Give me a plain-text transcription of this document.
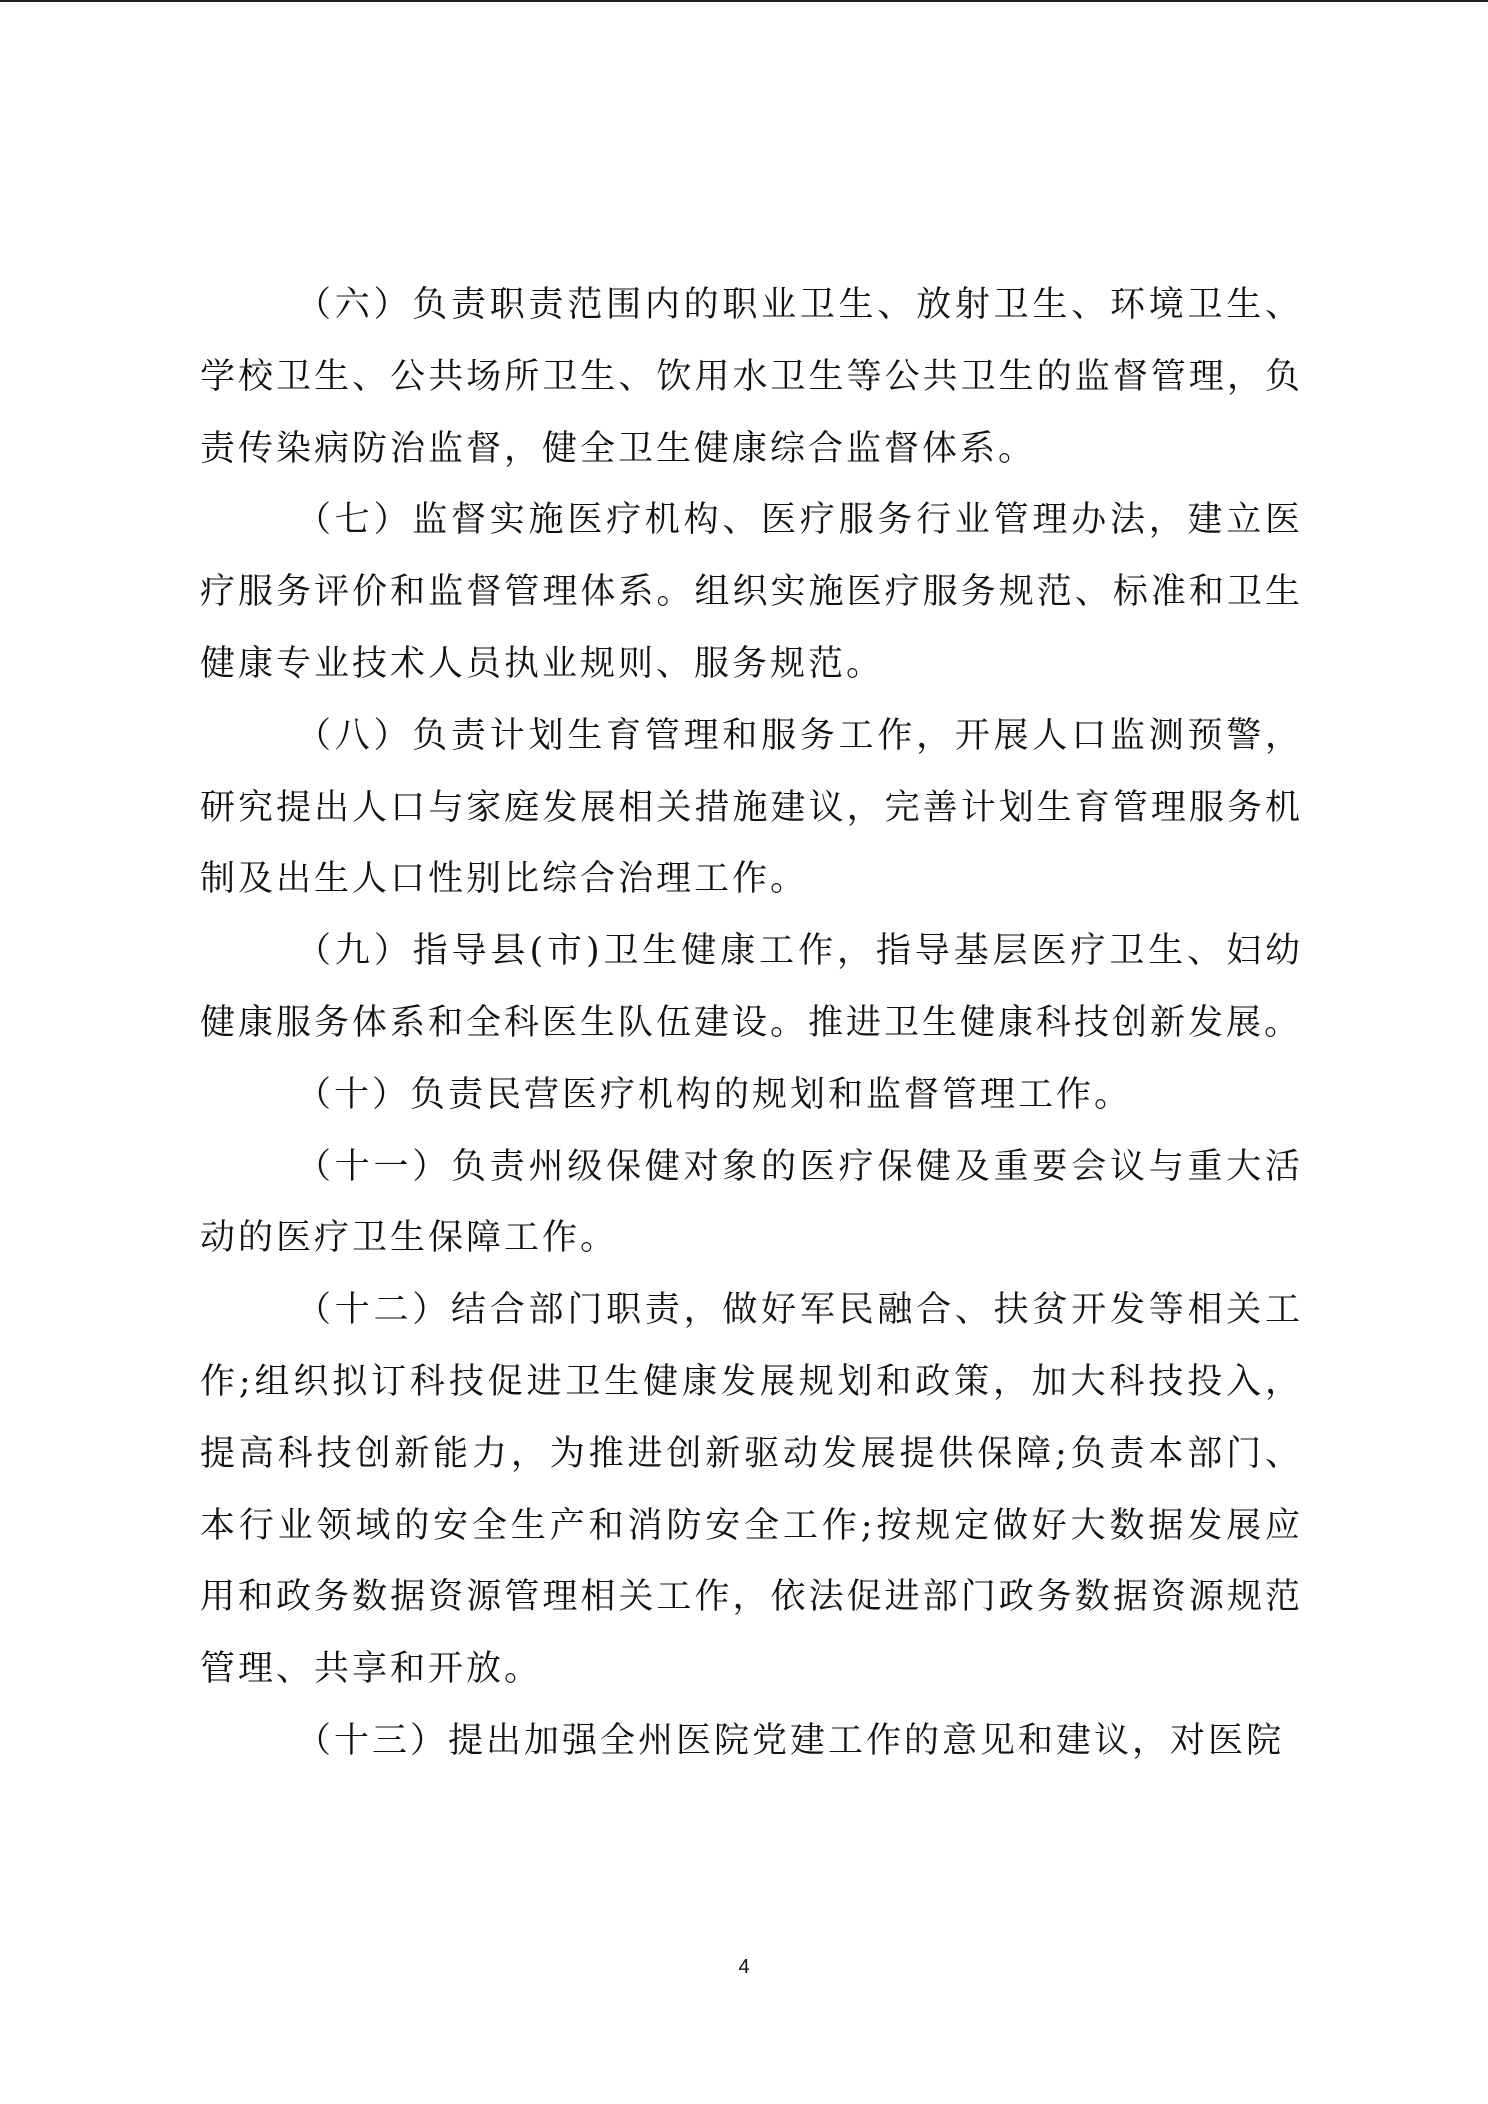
（六）负责职责范围内的职业卫生、放射卫生、环境卫生、学校卫生、公共场所卫生、饮用水卫生等公共卫生的监督管理，负责传染病防治监督，健全卫生健康综合监督体系。

（七）监督实施医疗机构、医疗服务行业管理办法，建立医疗服务评价和监督管理体系。组织实施医疗服务规范、标准和卫生健康专业技术人员执业规则、服务规范。

（八）负责计划生育管理和服务工作，开展人口监测预警，研究提出人口与家庭发展相关措施建议，完善计划生育管理服务机制及出生人口性别比综合治理工作。

（九）指导县(市)卫生健康工作，指导基层医疗卫生、妇幼健康服务体系和全科医生队伍建设。推进卫生健康科技创新发展。

（十）负责民营医疗机构的规划和监督管理工作。

（十一）负责州级保健对象的医疗保健及重要会议与重大活动的医疗卫生保障工作。

（十二）结合部门职责，做好军民融合、扶贫开发等相关工作;组织拟订科技促进卫生健康发展规划和政策，加大科技投入，提高科技创新能力，为推进创新驱动发展提供保障;负责本部门、本行业领域的安全生产和消防安全工作;按规定做好大数据发展应用和政务数据资源管理相关工作，依法促进部门政务数据资源规范管理、共享和开放。

（十三）提出加强全州医院党建工作的意见和建议，对医院

4
